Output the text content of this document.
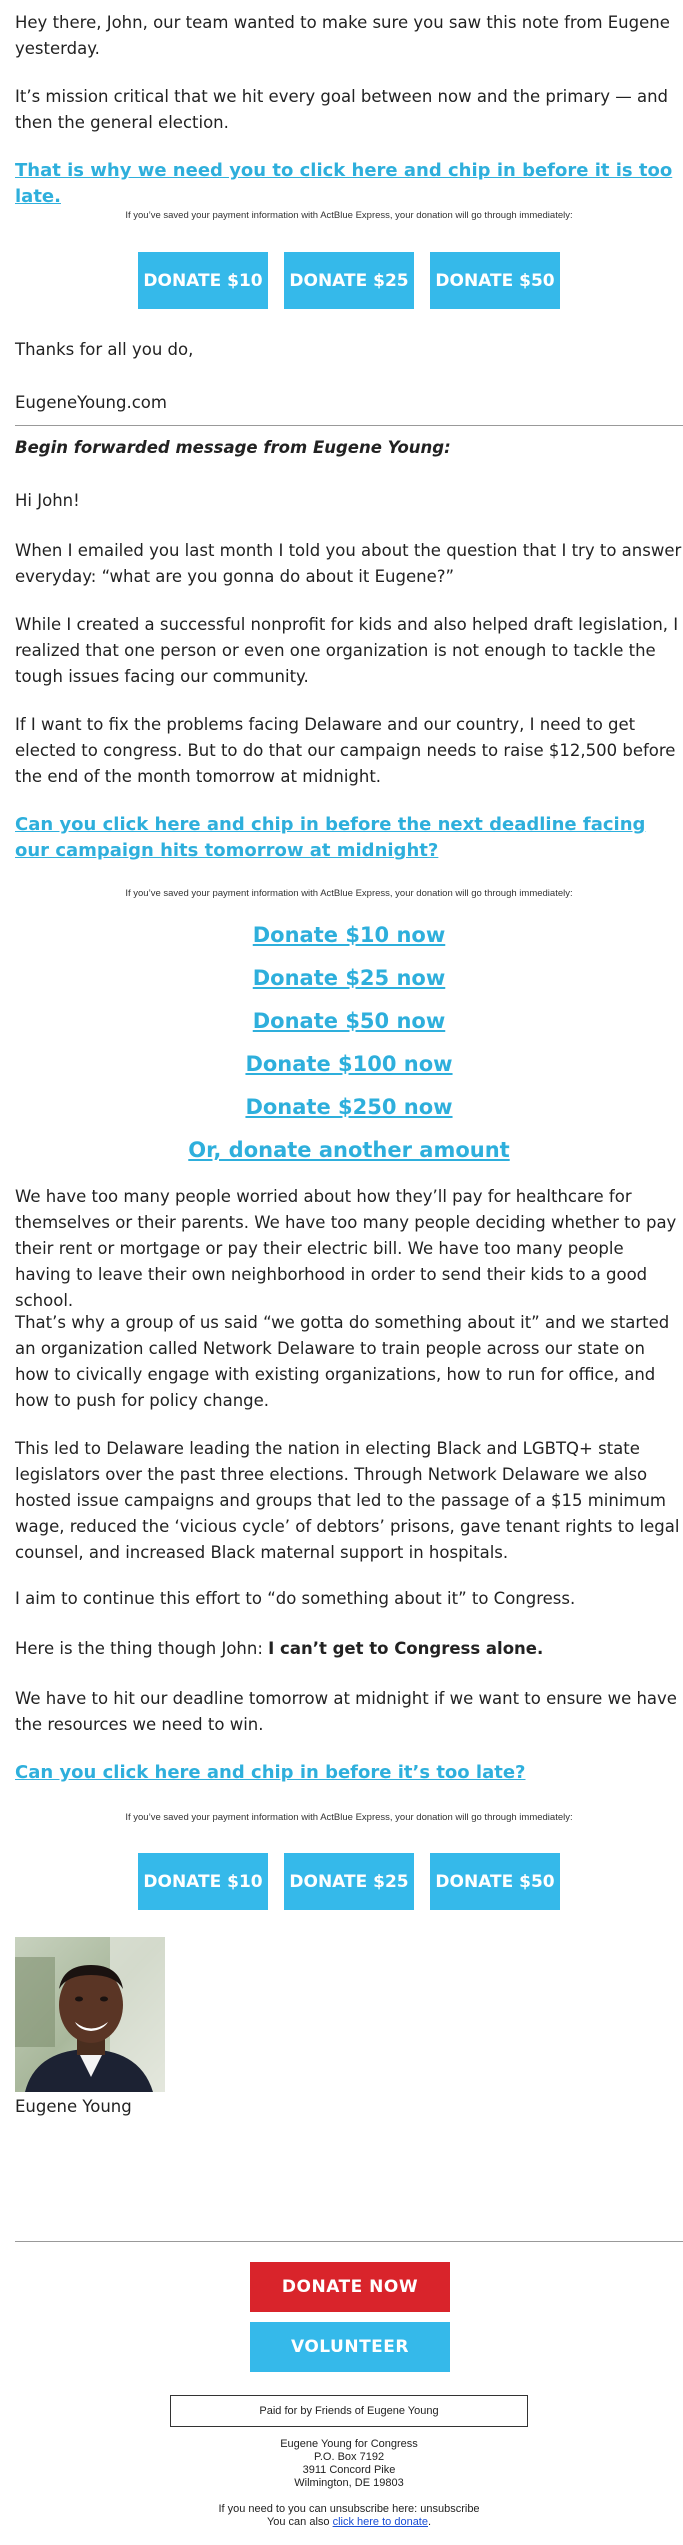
Hey there, John, our team wanted to make sure you saw this note from Eugene yesterday.

It’s mission critical that we hit every goal between now and the primary — and then the general election.

That is why we need you to click here and chip in before it is too late.
If you’ve saved your payment information with ActBlue Express, your donation will go through immediately:
DONATE $10	DONATE $25	DONATE $50

Thanks for all you do,

EugeneYoung.com

Begin forwarded message from Eugene Young:

Hi John!

When I emailed you last month I told you about the question that I try to answer everyday: “what are you gonna do about it Eugene?”

While I created a successful nonprofit for kids and also helped draft legislation, I realized that one person or even one organization is not enough to tackle the tough issues facing our community.

If I want to fix the problems facing Delaware and our country, I need to get elected to congress. But to do that our campaign needs to raise $12,500 before the end of the month tomorrow at midnight.

Can you click here and chip in before the next deadline facing our campaign hits tomorrow at midnight?
If you’ve saved your payment information with ActBlue Express, your donation will go through immediately:
Donate $10 now
Donate $25 now
Donate $50 now
Donate $100 now
Donate $250 now
Or, donate another amount

We have too many people worried about how they’ll pay for healthcare for themselves or their parents. We have too many people deciding whether to pay their rent or mortgage or pay their electric bill. We have too many people having to leave their own neighborhood in order to send their kids to a good school.

That’s why a group of us said “we gotta do something about it” and we started an organization called Network Delaware to train people across our state on how to civically engage with existing organizations, how to run for office, and how to push for policy change.

This led to Delaware leading the nation in electing Black and LGBTQ+ state legislators over the past three elections. Through Network Delaware we also hosted issue campaigns and groups that led to the passage of a $15 minimum wage, reduced the ‘vicious cycle’ of debtors’ prisons, gave tenant rights to legal counsel, and increased Black maternal support in hospitals.

I aim to continue this effort to “do something about it” to Congress.

Here is the thing though John: I can’t get to Congress alone.

We have to hit our deadline tomorrow at midnight if we want to ensure we have the resources we need to win.

Can you click here and chip in before it’s too late?
If you’ve saved your payment information with ActBlue Express, your donation will go through immediately:
DONATE $10	DONATE $25	DONATE $50

Eugene Young

DONATE NOW
VOLUNTEER
Paid for by Friends of Eugene Young
Eugene Young for Congress
P.O. Box 7192
3911 Concord Pike
Wilmington, DE 19803
If you need to you can unsubscribe here: unsubscribe
You can also click here to donate.
